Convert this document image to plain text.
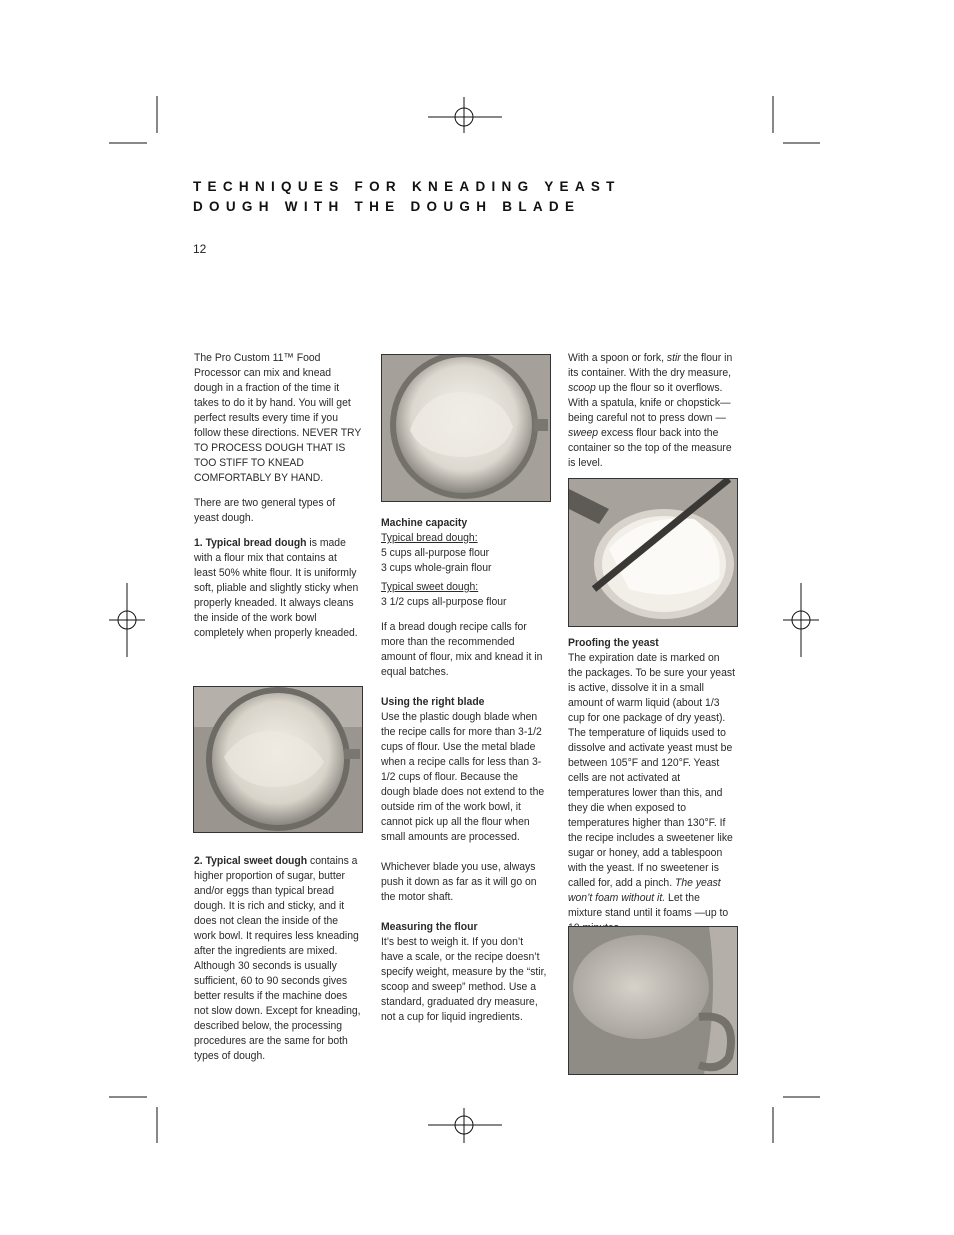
TECHNIQUES FOR KNEADING YEAST
DOUGH WITH THE DOUGH BLADE
12

The Pro Custom 11™ Food Processor can mix and knead dough in a fraction of the time it takes to do it by hand. You will get perfect results every time if you follow these directions. NEVER TRY TO PROCESS DOUGH THAT IS TOO STIFF TO KNEAD COMFORTABLY BY HAND.

There are two general types of yeast dough.

1. Typical bread dough is made with a flour mix that contains at least 50% white flour. It is uniformly soft, pliable and slightly sticky when properly kneaded. It always cleans the inside of the work bowl completely when properly kneaded.

2. Typical sweet dough contains a higher proportion of sugar, butter and/or eggs than typical bread dough. It is rich and sticky, and it does not clean the inside of the work bowl. It requires less kneading after the ingredients are mixed. Although 30 seconds is usually sufficient, 60 to 90 seconds gives better results if the machine does not slow down. Except for kneading, described below, the processing procedures are the same for both types of dough.

Machine capacity
Typical bread dough:
5 cups all-purpose flour
3 cups whole-grain flour

Typical sweet dough:
3 1/2 cups all-purpose flour

If a bread dough recipe calls for more than the recommended amount of flour, mix and knead it in equal batches.

Using the right blade
Use the plastic dough blade when the recipe calls for more than 3-1/2 cups of flour. Use the metal blade when a recipe calls for less than 3-1/2 cups of flour. Because the dough blade does not extend to the outside rim of the work bowl, it cannot pick up all the flour when small amounts are processed.

Whichever blade you use, always push it down as far as it will go on the motor shaft.

Measuring the flour
It’s best to weigh it. If you don’t have a scale, or the recipe doesn’t specify weight, measure by the “stir, scoop and sweep” method. Use a standard, graduated dry measure, not a cup for liquid ingredients.

With a spoon or fork, stir the flour in its container. With the dry measure, scoop up the flour so it overflows. With a spatula, knife or chopstick— being careful not to press down — sweep excess flour back into the container so the top of the measure is level.

Proofing the yeast
The expiration date is marked on the packages. To be sure your yeast is active, dissolve it in a small amount of warm liquid (about 1/3 cup for one package of dry yeast). The temperature of liquids used to dissolve and activate yeast must be between 105°F and 120°F. Yeast cells are not activated at temperatures lower than this, and they die when exposed to temperatures higher than 130°F. If the recipe includes a sweetener like sugar or honey, add a tablespoon with the yeast. If no sweetener is called for, add a pinch. The yeast won’t foam without it. Let the mixture stand until it foams —up to
